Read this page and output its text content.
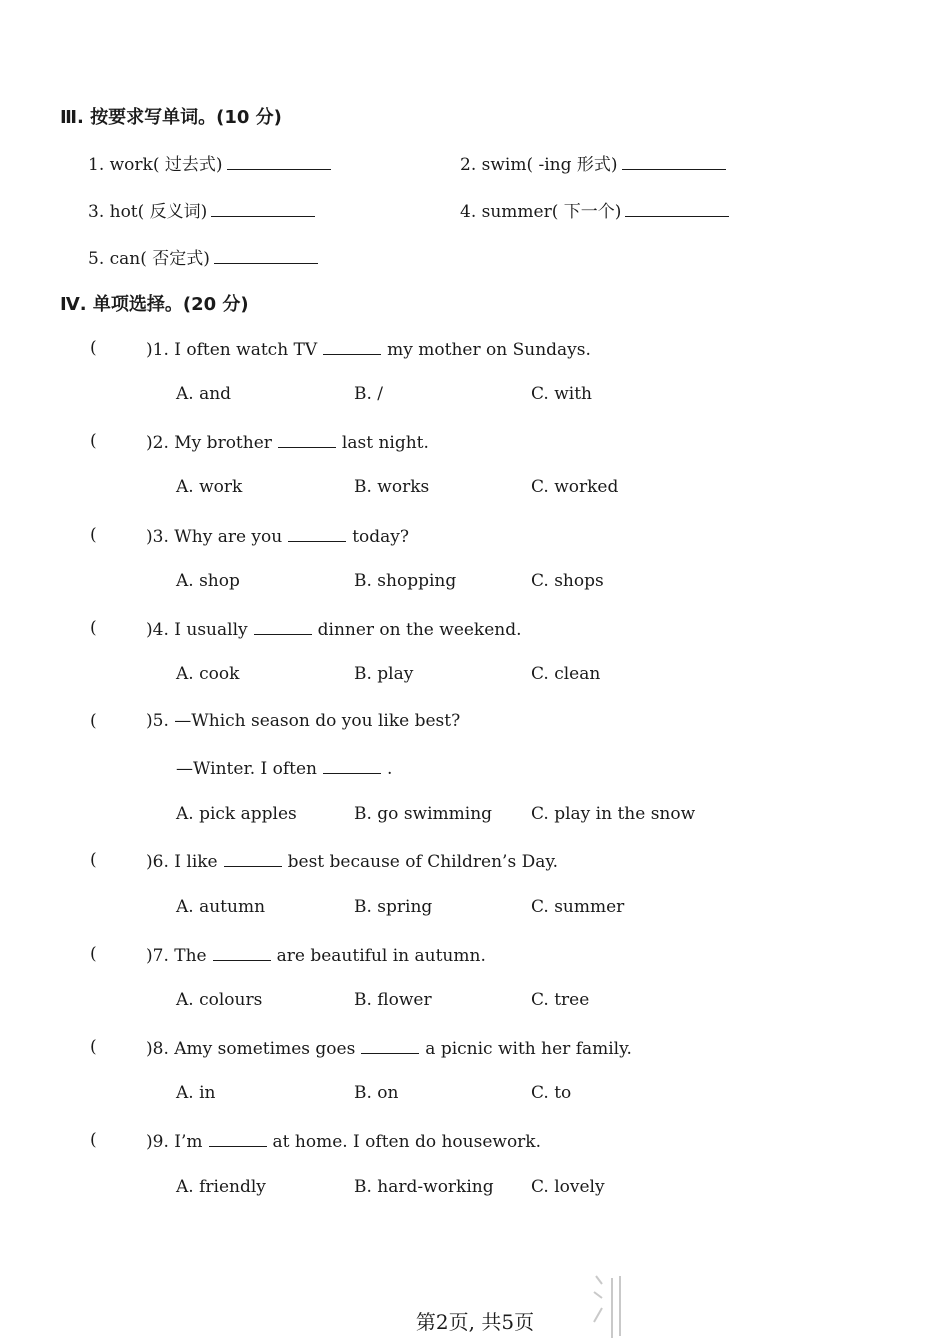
Ⅲ. 按要求写单词。(10 分)
1. work( 过去式)	2. swim( -ing 形式)
3. hot( 反义词)	4. summer( 下一个)
5. can( 否定式)
Ⅳ. 单项选择。(20 分)
(	)1. I often watch TV	my mother on Sundays.
A. and	B. /	C. with
(	)2. My brother	last night.
A. work	B. works	C. worked
(	)3. Why are you	today?
A. shop	B. shopping	C. shops
(	)4. I usually	dinner on the weekend.
A. cook	B. play	C. clean
(	)5. —Which season do you like best?
—Winter. I often	.
A. pick apples	B. go swimming C. play in the snow
(	)6. I like	best because of Children’s Day.
A. autumn	B. spring	C. summer
(	)7. The	are beautiful in autumn.
A. colours	B. flower	C. tree
(	)8. Amy sometimes goes	a picnic with her family.
A. in	B. on	C. to
(	)9. I’m	at home. I often do housework.
A. friendly	B. hard-working C. lovely
第2页, 共5页
